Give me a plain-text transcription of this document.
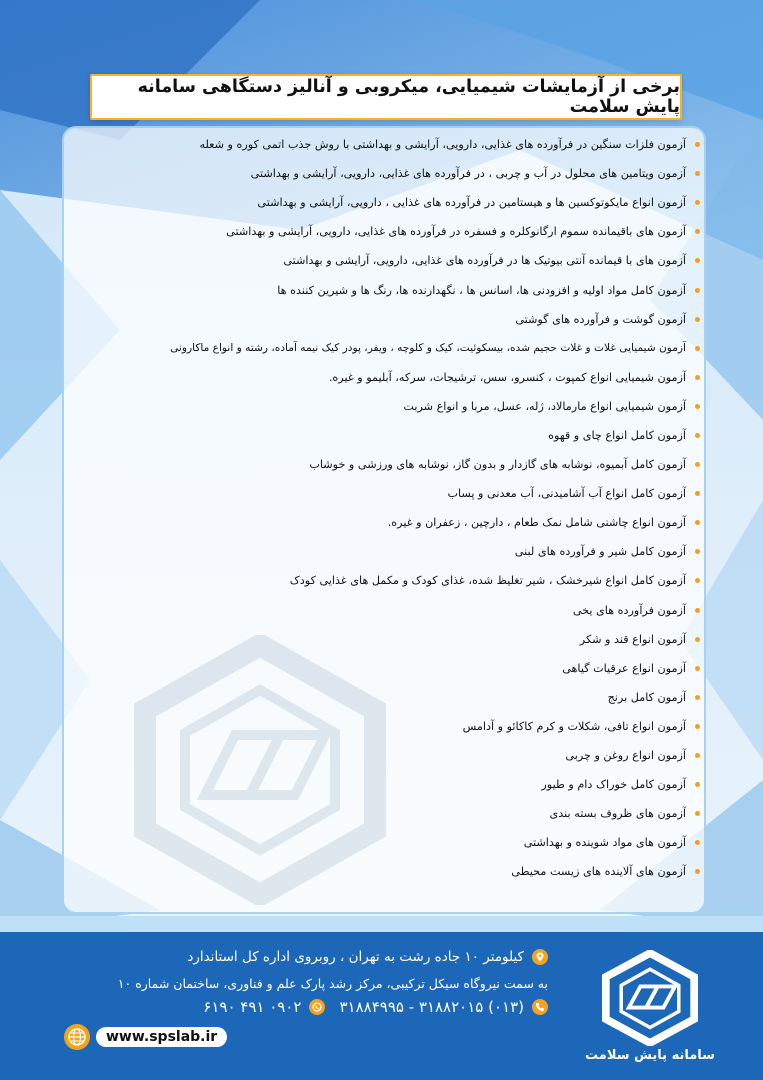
برخی از آزمایشات شیمیایی، میکروبی و آنالیز دستگاهی سامانه پایش سلامت
آزمون فلزات سنگین در فرآورده های غذایی، دارویی، آرایشی و بهداشتی با روش جذب اتمی کوره و شعله
آزمون ویتامین های محلول در آب و چربی ، در فرآورده های غذایی، دارویی، آرایشی و بهداشتی
آزمون انواع مایکوتوکسین ها و هیستامین در فرآورده های غذایی ، دارویی، آرایشی و بهداشتی
آزمون های باقیمانده سموم ارگانوکلره و فسفره در فرآورده های غذایی، دارویی، آرایشی و بهداشتی
آزمون های با قیمانده آنتی بیوتیک ها در فرآورده های غذایی، دارویی، آرایشی و بهداشتی
آزمون کامل مواد اولیه و افزودنی ها، اسانس ها ، نگهدارنده ها، رنگ ها و شیرین کننده ها
آزمون گوشت و فرآورده های گوشتی
آزمون شیمیایی غلات و غلات حجیم شده، بیسکوئیت، کیک و کلوچه ، ویفر، پودر کیک نیمه آماده، رشته و انواع ماکارونی
آزمون شیمیایی انواع کمپوت ، کنسرو، سس، ترشیجات، سرکه، آبلیمو و غیره.
آزمون شیمیایی انواع مارمالاد، ژله، عسل، مربا و انواع شربت
آزمون کامل انواع چای و قهوه
آزمون کامل آبمیوه، نوشابه های گازدار و بدون گاز، نوشابه های ورزشی و خوشاب
آزمون کامل انواع آب آشامیدنی، آب معدنی و پساب
آزمون انواع چاشنی شامل نمک طعام ، دارچین ، زعفران و غیره.
آزمون کامل شیر و فرآورده های لبنی
آزمون کامل انواع شیرخشک ، شیر تغلیظ شده، غذای کودک و مکمل های غذایی کودک
آزمون فرآورده های یخی
آزمون انواع قند و شکر
آزمون انواع عرقیات گیاهی
آزمون کامل برنج
آزمون انواع تافی، شکلات و کرم کاکائو و آدامس
آزمون انواع روغن و چربی
آزمون کامل خوراک دام و طیور
آزمون های ظروف بسته بندی
آزمون های مواد شوینده و بهداشتی
آزمون های آلاینده های زیست محیطی
سامانه پایش سلامت
کیلومتر ۱۰ جاده رشت به تهران ، روبروی اداره کل استاندارد
به سمت نیروگاه سیکل ترکیبی، مرکز رشد پارک علم و فناوری، ساختمان شماره ۱۰
(۰۱۳) ۳۱۸۸۲۰۱۵ - ۳۱۸۸۴۹۹۵
۰۹۰۲ ۴۹۱ ۶۱۹۰
www.spslab.ir
